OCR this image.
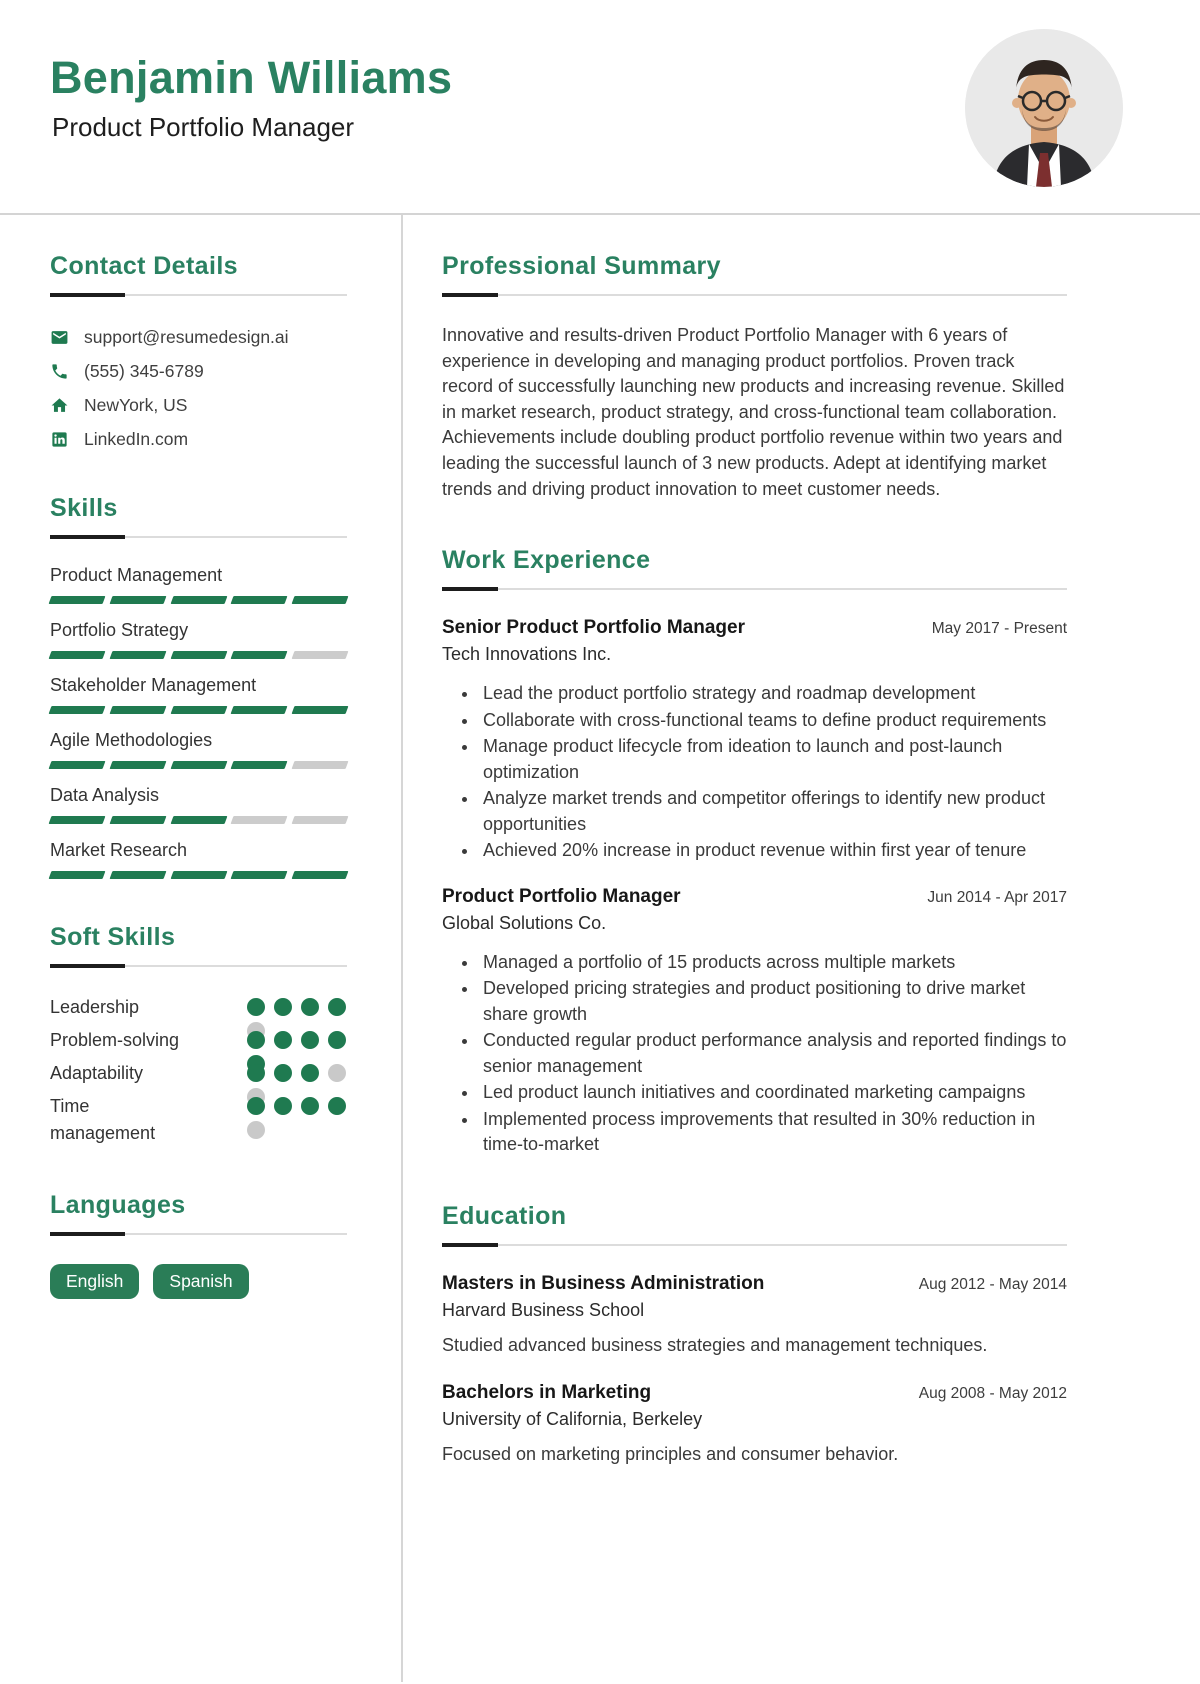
Benjamin Williams
Product Portfolio Manager
Contact Details
support@resumedesign.ai
(555) 345-6789
NewYork, US
LinkedIn.com
Skills
Product Management
Portfolio Strategy
Stakeholder Management
Agile Methodologies
Data Analysis
Market Research
Soft Skills
Leadership
Problem-solving
Adaptability
Time management
Languages
English	Spanish
Professional Summary

Innovative and results-driven Product Portfolio Manager with 6 years of experience in developing and managing product portfolios. Proven track record of successfully launching new products and increasing revenue. Skilled in market research, product strategy, and cross-functional team collaboration. Achievements include doubling product portfolio revenue within two years and leading the successful launch of 3 new products. Adept at identifying market trends and driving product innovation to meet customer needs.

Work Experience
Senior Product Portfolio Manager	May 2017 - Present
Tech Innovations Inc.
• Lead the product portfolio strategy and roadmap development
• Collaborate with cross-functional teams to define product requirements
• Manage product lifecycle from ideation to launch and post-launch optimization
• Analyze market trends and competitor offerings to identify new product opportunities
• Achieved 20% increase in product revenue within first year of tenure
Product Portfolio Manager	Jun 2014 - Apr 2017
Global Solutions Co.
• Managed a portfolio of 15 products across multiple markets
• Developed pricing strategies and product positioning to drive market share growth
• Conducted regular product performance analysis and reported findings to senior management
• Led product launch initiatives and coordinated marketing campaigns
• Implemented process improvements that resulted in 30% reduction in time-to-market
Education
Masters in Business Administration	Aug 2012 - May 2014
Harvard Business School

Studied advanced business strategies and management techniques.

Bachelors in Marketing	Aug 2008 - May 2012
University of California, Berkeley

Focused on marketing principles and consumer behavior.
